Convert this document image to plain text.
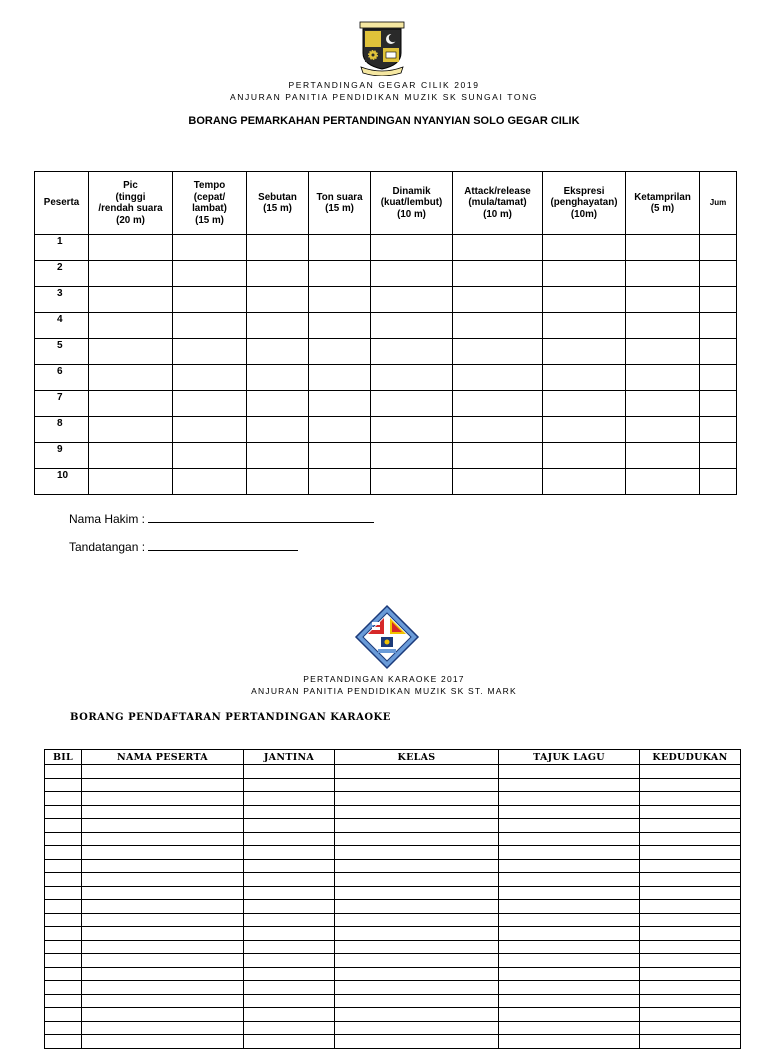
PERTANDINGAN GEGAR CILIK 2019
ANJURAN PANITIA PENDIDIKAN MUZIK SK SUNGAI TONG
BORANG PEMARKAHAN PERTANDINGAN NYANYIAN SOLO GEGAR CILIK
Peserta	Pic
(tinggi
/rendah suara
(20 m)	Tempo
(cepat/
lambat)
(15 m)	Sebutan
(15 m)	Ton suara
(15 m)	Dinamik
(kuat/lembut)
(10 m)	Attack/release
(mula/tamat)
(10 m)	Ekspresi
(penghayatan)
(10m)	Ketamprilan
(5 m)	Jum

1									
2									
3									
4									
5									
6									
7									
8									
9									
10									
Nama Hakim :
Tandatangan :
PERTANDINGAN KARAOKE 2017
ANJURAN PANITIA PENDIDIKAN MUZIK SK ST. MARK
BORANG PENDAFTARAN PERTANDINGAN KARAOKE
BIL	NAMA PESERTA	JANTINA	KELAS	TAJUK LAGU	KEDUDUKAN
